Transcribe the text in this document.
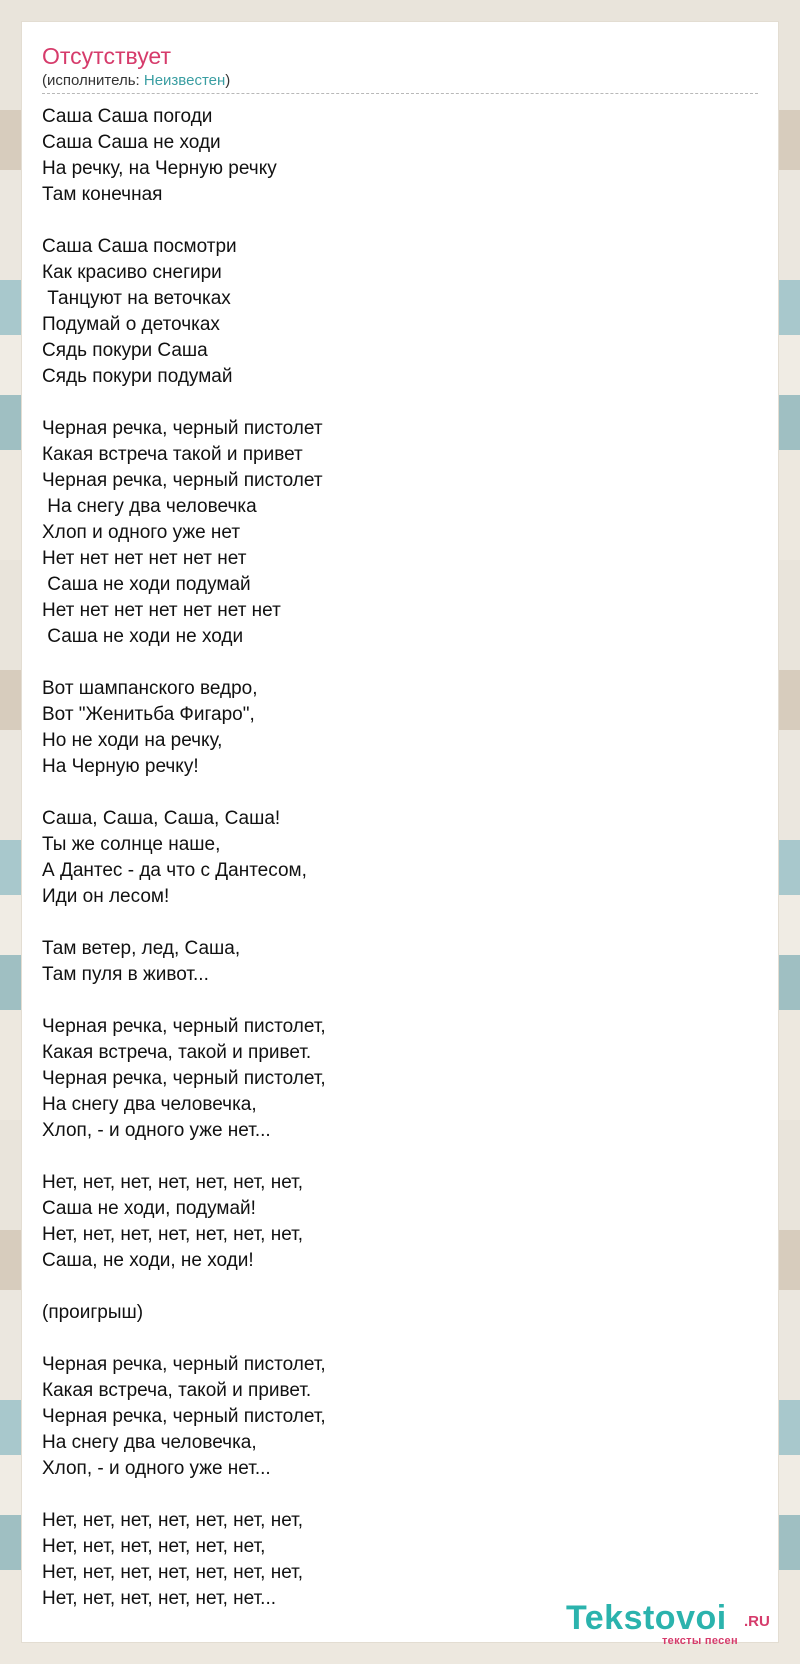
Отсутствует
(исполнитель: Неизвестен)
Саша Саша погоди
Саша Саша не ходи
На речку, на Черную речку
Там конечная
Саша Саша посмотри
Как красиво снегири
Танцуют на веточках
Подумай о деточках
Сядь покури Саша
Сядь покури подумай
Черная речка, черный пистолет
Какая встреча такой и привет
Черная речка, черный пистолет
На снегу два человечка
Хлоп и одного уже нет
Нет нет нет нет нет нет
Саша не ходи подумай
Нет нет нет нет нет нет нет
Саша не ходи не ходи
Вот шампанского ведро,
Вот "Женитьба Фигаро",
Но не ходи на речку,
На Черную речку!
Саша, Саша, Саша, Саша!
Ты же солнце наше,
А Дантес - да что с Дантесом,
Иди он лесом!
Там ветер, лед, Саша,
Там пуля в живот...
Черная речка, черный пистолет,
Какая встреча, такой и привет.
Черная речка, черный пистолет,
На снегу два человечка,
Хлоп, - и одного уже нет...
Нет, нет, нет, нет, нет, нет, нет,
Саша не ходи, подумай!
Нет, нет, нет, нет, нет, нет, нет,
Саша, не ходи, не ходи!
(проигрыш)
Черная речка, черный пистолет,
Какая встреча, такой и привет.
Черная речка, черный пистолет,
На снегу два человечка,
Хлоп, - и одного уже нет...
Нет, нет, нет, нет, нет, нет, нет,
Нет, нет, нет, нет, нет, нет,
Нет, нет, нет, нет, нет, нет, нет,
Нет, нет, нет, нет, нет, нет...
Tekstovoi .RU
тексты песен
